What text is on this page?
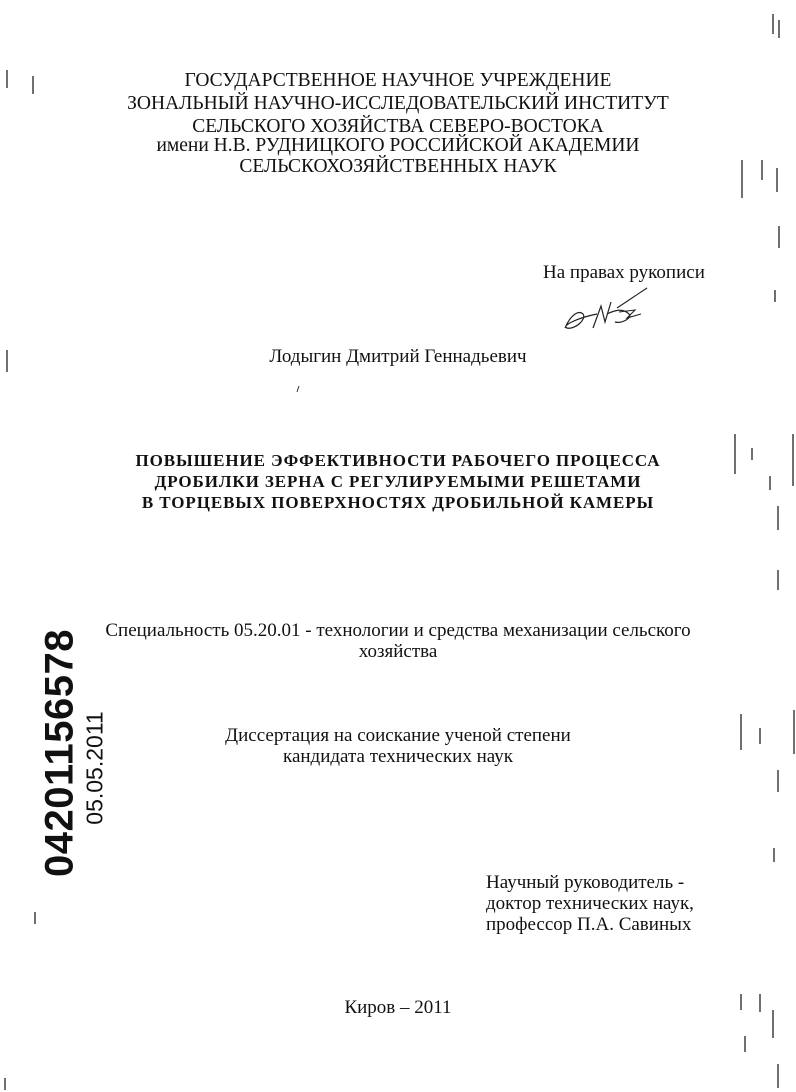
ГОСУДАРСТВЕННОЕ НАУЧНОЕ УЧРЕЖДЕНИЕ
ЗОНАЛЬНЫЙ НАУЧНО-ИССЛЕДОВАТЕЛЬСКИЙ ИНСТИТУТ
СЕЛЬСКОГО ХОЗЯЙСТВА СЕВЕРО-ВОСТОКА
имени Н.В. РУДНИЦКОГО РОССИЙСКОЙ АКАДЕМИИ
СЕЛЬСКОХОЗЯЙСТВЕННЫХ НАУК
На правах рукописи
Лодыгин Дмитрий Геннадьевич
ПОВЫШЕНИЕ ЭФФЕКТИВНОСТИ РАБОЧЕГО ПРОЦЕССА
ДРОБИЛКИ ЗЕРНА С РЕГУЛИРУЕМЫМИ РЕШЕТАМИ
В ТОРЦЕВЫХ ПОВЕРХНОСТЯХ ДРОБИЛЬНОЙ КАМЕРЫ
Специальность 05.20.01 - технологии и средства механизации сельского
хозяйства
Диссертация на соискание ученой степени
кандидата технических наук
Научный руководитель -
доктор технических наук,
профессор П.А. Савиных
Киров – 2011
04201156578 05.05.2011
